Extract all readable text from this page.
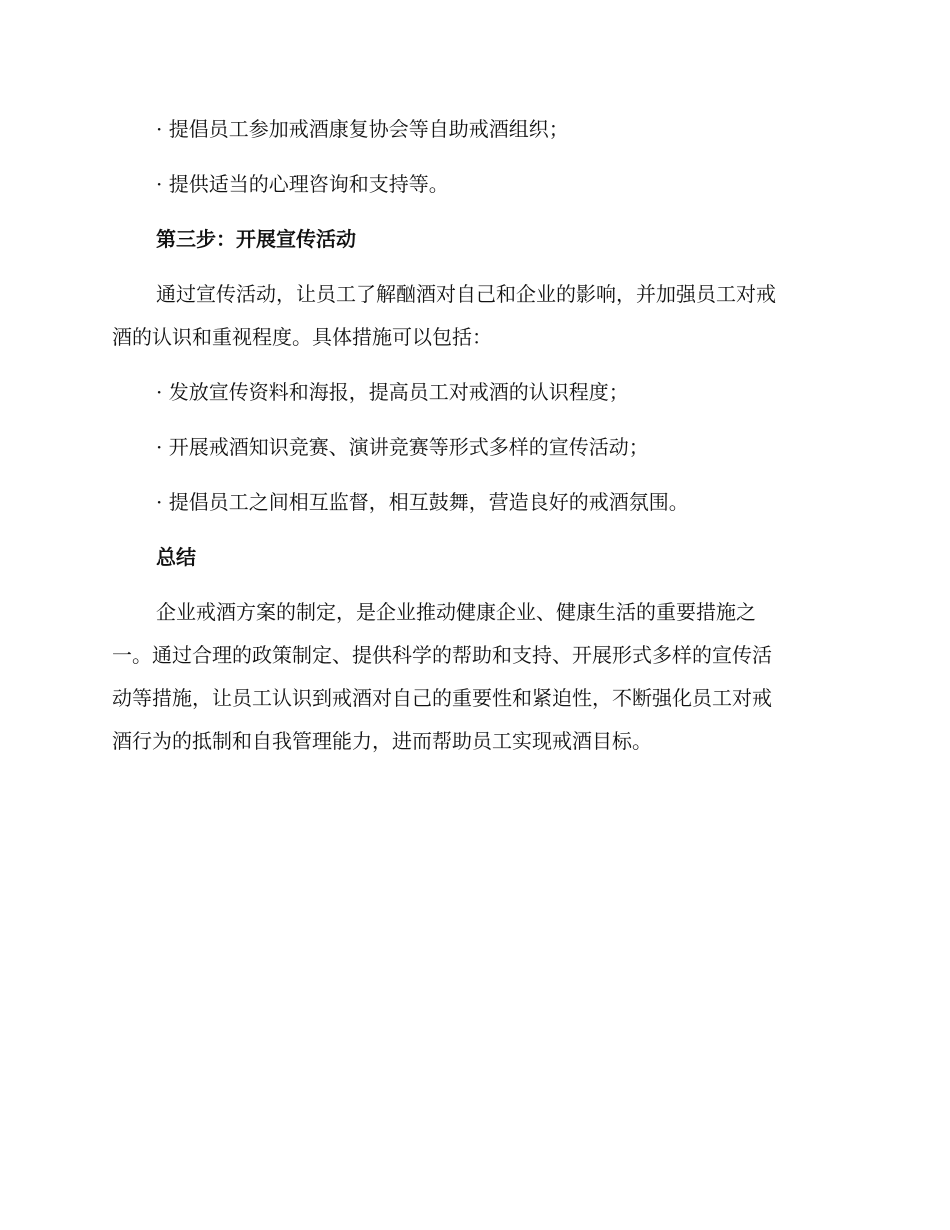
· 提倡员工参加戒酒康复协会等自助戒酒组织；

· 提供适当的心理咨询和支持等。

第三步：开展宣传活动

通过宣传活动，让员工了解酗酒对自己和企业的影响，并加强员工对戒
酒的认识和重视程度。具体措施可以包括：

· 发放宣传资料和海报，提高员工对戒酒的认识程度；

· 开展戒酒知识竞赛、演讲竞赛等形式多样的宣传活动；

· 提倡员工之间相互监督，相互鼓舞，营造良好的戒酒氛围。

总结

企业戒酒方案的制定，是企业推动健康企业、健康生活的重要措施之
一。通过合理的政策制定、提供科学的帮助和支持、开展形式多样的宣传活
动等措施，让员工认识到戒酒对自己的重要性和紧迫性，不断强化员工对戒
酒行为的抵制和自我管理能力，进而帮助员工实现戒酒目标。
